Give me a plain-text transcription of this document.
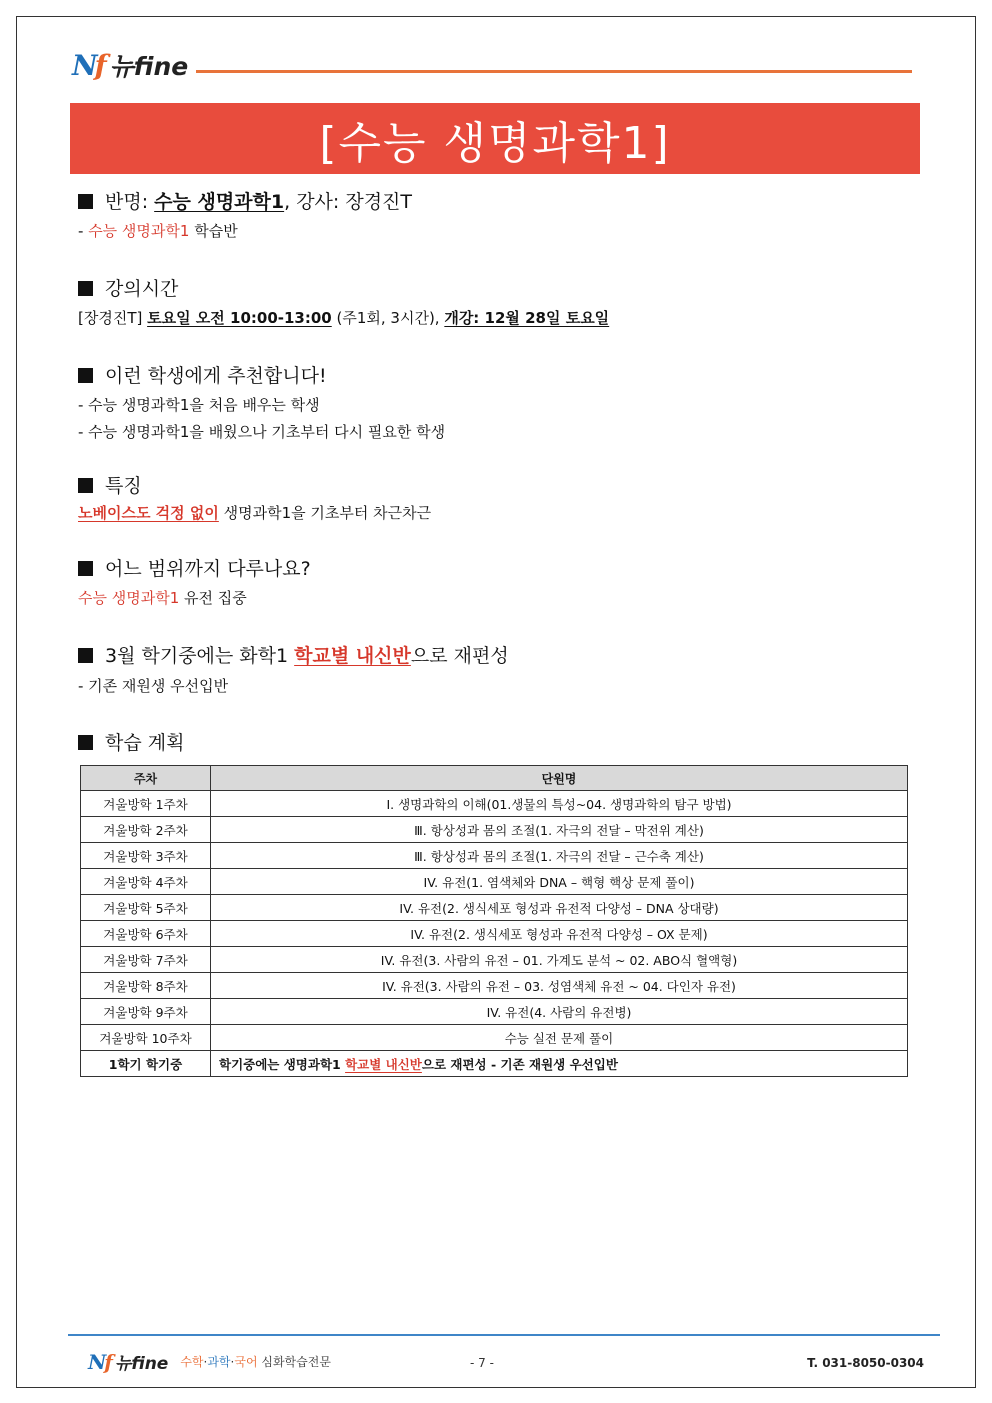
Nf 뉴fine
[수능 생명과학1]
반명: 수능 생명과학1, 강사: 장경진T
- 수능 생명과학1 학습반
강의시간
[장경진T] 토요일 오전 10:00-13:00 (주1회, 3시간), 개강: 12월 28일 토요일
이런 학생에게 추천합니다!
- 수능 생명과학1을 처음 배우는 학생
- 수능 생명과학1을 배웠으나 기초부터 다시 필요한 학생
특징
노베이스도 걱정 없이 생명과학1을 기초부터 차근차근
어느 범위까지 다루나요?
수능 생명과학1 유전 집중
3월 학기중에는 화학1 학교별 내신반으로 재편성
- 기존 재원생 우선입반
학습 계획
주차	단원명
겨울방학 1주차	Ⅰ. 생명과학의 이해(01.생물의 특성~04. 생명과학의 탐구 방법)
겨울방학 2주차	Ⅲ. 항상성과 몸의 조절(1. 자극의 전달 – 막전위 계산)
겨울방학 3주차	Ⅲ. 항상성과 몸의 조절(1. 자극의 전달 – 근수축 계산)
겨울방학 4주차	IV. 유전(1. 염색체와 DNA – 핵형 핵상 문제 풀이)
겨울방학 5주차	IV. 유전(2. 생식세포 형성과 유전적 다양성 – DNA 상대량)
겨울방학 6주차	IV. 유전(2. 생식세포 형성과 유전적 다양성 – OX 문제)
겨울방학 7주차	IV. 유전(3. 사람의 유전 – 01. 가계도 분석 ~ 02. ABO식 혈액형)
겨울방학 8주차	IV. 유전(3. 사람의 유전 – 03. 성염색체 유전 ~ 04. 다인자 유전)
겨울방학 9주차	IV. 유전(4. 사람의 유전병)
겨울방학 10주차	수능 실전 문제 풀이
1학기 학기중	학기중에는 생명과학1 학교별 내신반으로 재편성 - 기존 재원생 우선입반
Nf 뉴fine 수학·과학·국어 심화학습전문	- 7 -	T. 031-8050-0304
